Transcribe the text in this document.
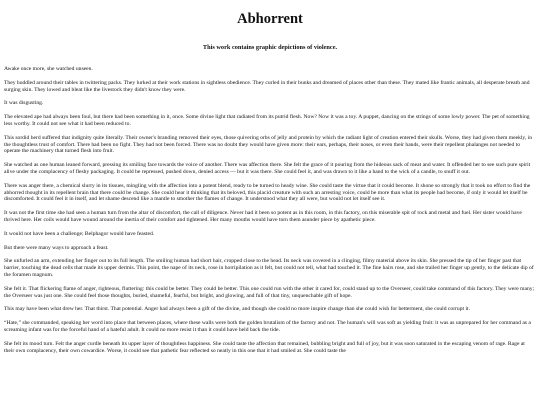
Abhorrent

This work contains graphic depictions of violence.

Awake once more, she watched unseen.

They huddled around their tables in twittering packs. They lurked at their work stations in sightless obedience. They curled in their bunks and dreamed of places other than these. They mated like frantic animals, all desperate breath and surging skin. They lowed and bleat like the livestock they didn't know they were.

It was disgusting.

The elevated ape had always been foul, but there had been something in it, once. Some divine light that radiated from its putrid flesh. Now? Now it was a toy. A puppet, dancing on the strings of some lowly power. The pet of something less worthy. It could not see what it had been reduced to.

This sordid herd suffered that indignity quite literally. Their owner's branding removed their eyes, those quivering orbs of jelly and protein by which the radiant light of creation entered their skulls. Worse, they had given them meekly, in the thoughtless trust of comfort. There had been no fight. They had not been forced. There was no doubt they would have given more: their ears, perhaps, their noses, or even their hands, were their repellent phalanges not needed to operate the machinery that turned flesh into fruit.

She watched as one human leaned forward, pressing its smiling face towards the voice of another. There was affection there. She felt the grace of it pouring from the hideous sack of meat and water. It offended her to see such pure spirit alive under the complacency of fleshy packaging. It could be repressed, pushed down, denied access — but it was there. She could feel it, and was drawn to it like a hand to the wick of a candle, to snuff it out.

There was anger there, a chemical slurry in its tissues, mingling with the affection into a potent blend, ready to be turned to heady wine. She could taste the virtue that it could become. It shone so strongly that it took no effort to find the abhorred thought in its repellent brain that there could be change. She could hear it thinking that its beloved, this placid creature with such an arresting voice, could be more than what its people had become, if only it would let itself be discomforted. It could feel it in itself, and let shame descend like a mantle to smother the flames of change. It understood what they all were, but would not let itself see it.

It was not the first time she had seen a human turn from the altar of discomfort, the call of diligence. Never had it been so potent as in this room, in this factory, on this miserable spit of rock and metal and fuel. Her sister would have thrived here. Her coils would have wound around the inertia of their comfort and tightened. Her many mouths would have torn them asunder piece by apathetic piece.

It would not have been a challenge; Belphagor would have feasted.

But there were many ways to approach a feast.

She unfurled an arm, extending her finger out to its full length. The smiling human had short hair, cropped close to the head. Its neck was covered in a clinging, filmy material above its skin. She pressed the tip of her finger past that barrier, touching the dead cells that made its upper dermis. This point, the nape of its neck, rose in horripilation as it felt, but could not tell, what had touched it. The fine hairs rose, and she trailed her finger up gently, to the delicate dip of the foramen magnum.

She felt it. That flickering flame of anger, righteous, fluttering: this could be better. They could be better. This one could run with the other it cared for, could stand up to the Overseer, could take command of this factory. They were many; the Overseer was just one. She could feel those thoughts, buried, shameful, fearful, but bright, and glowing, and full of that tiny, unquenchable gift of hope.

This may have been what drew her. That thirst. That potential. Anger had always been a gift of the divine, and though she could no more inspire change than she could wish for betterment, she could corrupt it.

“Hate,” she commanded, speaking her word into place that between places, where these walls were both the golden brutalism of the factory and not. The human's will was soft as yielding fruit: it was as unprepared for her command as a screaming infant was for the forceful hand of a hateful adult. It could no more resist it than it could have held back the tide.

She felt its mood turn. Felt the anger curdle beneath its upper layer of thoughtless happiness. She could taste the affection that remained, bubbling bright and full of joy, but it was soon saturated in the escaping venom of rage. Rage at their own complacency, their own cowardice. Worse, it could see that pathetic fear reflected so neatly in this one that it had smiled at. She could taste the
